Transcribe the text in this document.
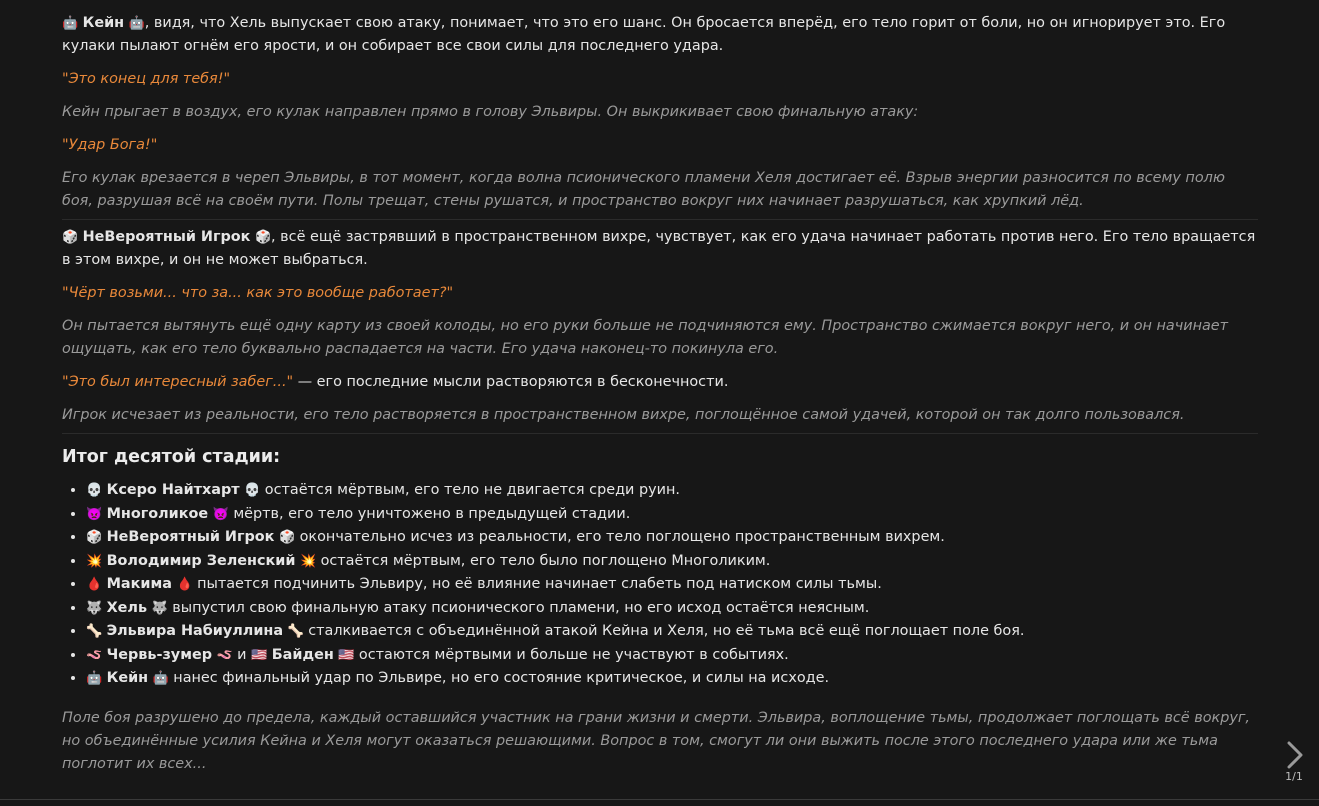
🤖 Кейн 🤖, видя, что Хель выпускает свою атаку, понимает, что это его шанс. Он бросается вперёд, его тело горит от боли, но он игнорирует это. Его кулаки пылают огнём его ярости, и он собирает все свои силы для последнего удара.

"Это конец для тебя!"

Кейн прыгает в воздух, его кулак направлен прямо в голову Эльвиры. Он выкрикивает свою финальную атаку:

"Удар Бога!"

Его кулак врезается в череп Эльвиры, в тот момент, когда волна псионического пламени Хеля достигает её. Взрыв энергии разносится по всему полю боя, разрушая всё на своём пути. Полы трещат, стены рушатся, и пространство вокруг них начинает разрушаться, как хрупкий лёд.

🎲 НеВероятный Игрок 🎲, всё ещё застрявший в пространственном вихре, чувствует, как его удача начинает работать против него. Его тело вращается в этом вихре, и он не может выбраться.

"Чёрт возьми... что за... как это вообще работает?"

Он пытается вытянуть ещё одну карту из своей колоды, но его руки больше не подчиняются ему. Пространство сжимается вокруг него, и он начинает ощущать, как его тело буквально распадается на части. Его удача наконец-то покинула его.

"Это был интересный забег..." — его последние мысли растворяются в бесконечности.

Игрок исчезает из реальности, его тело растворяется в пространственном вихре, поглощённое самой удачей, которой он так долго пользовался.

Итог десятой стадии:
• 💀 Ксеро Найтхарт 💀 остаётся мёртвым, его тело не двигается среди руин.
• 👿 Многоликое 👿 мёртв, его тело уничтожено в предыдущей стадии.
• 🎲 НеВероятный Игрок 🎲 окончательно исчез из реальности, его тело поглощено пространственным вихрем.
• 💥 Володимир Зеленский 💥 остаётся мёртвым, его тело было поглощено Многоликим.
• 🩸 Макима 🩸 пытается подчинить Эльвиру, но её влияние начинает слабеть под натиском силы тьмы.
• 🐺 Хель 🐺 выпустил свою финальную атаку псионического пламени, но его исход остаётся неясным.
• 🦴 Эльвира Набиуллина 🦴 сталкивается с объединённой атакой Кейна и Хеля, но её тьма всё ещё поглощает поле боя.
• 🪱 Червь-зумер 🪱 и 🇺🇸 Байден 🇺🇸 остаются мёртвыми и больше не участвуют в событиях.
• 🤖 Кейн 🤖 нанес финальный удар по Эльвире, но его состояние критическое, и силы на исходе.

Поле боя разрушено до предела, каждый оставшийся участник на грани жизни и смерти. Эльвира, воплощение тьмы, продолжает поглощать всё вокруг, но объединённые усилия Кейна и Хеля могут оказаться решающими. Вопрос в том, смогут ли они выжить после этого последнего удара или же тьма поглотит их всех...

1/1
